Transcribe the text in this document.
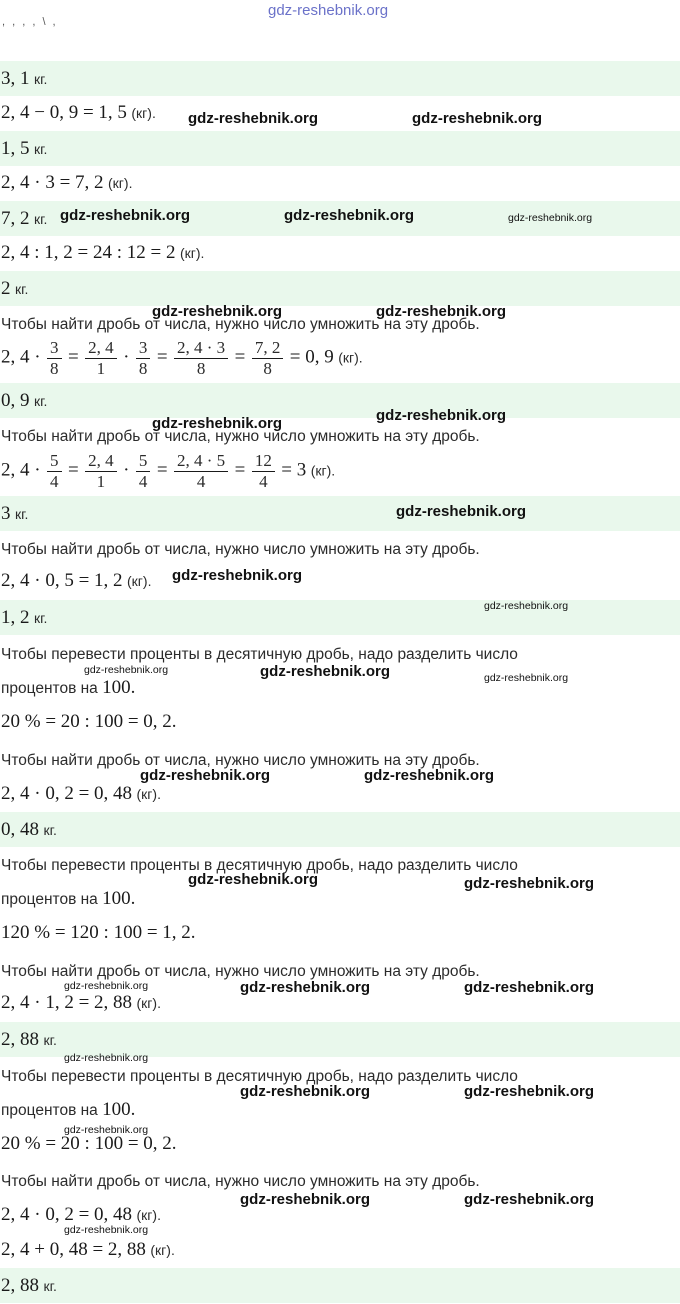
gdz-reshebnik.org
, , , , \ ,
3, 1 кг.
2, 4 − 0, 9 = 1, 5 (кг).
1, 5 кг.
2, 4 · 3 = 7, 2 (кг).
7, 2 кг.
2, 4 : 1, 2 = 24 : 12 = 2 (кг).
2 кг.
Чтобы найти дробь от числа, нужно число умножить на эту дробь.
2, $4 \cdot \frac{3}{8} = \frac{2, 4}{1} \cdot \frac{3}{8} = \frac{2, 4 \cdot 3}{8} = \frac{7, 2}{8} = 0$, 9 (кг).
0, 9 кг.
Чтобы найти дробь от числа, нужно число умножить на эту дробь.
2, $4 \cdot \frac{5}{4} = \frac{2, 4}{1} \cdot \frac{5}{4} = \frac{2, 4 \cdot 5}{4} = \frac{12}{4} = 3$ (кг).
3 кг.
Чтобы найти дробь от числа, нужно число умножить на эту дробь.
2, 4 · 0, 5 = 1, 2 (кг).
1, 2 кг.
Чтобы перевести проценты в десятичную дробь, надо разделить число
процентов на 100.
20 % = 20 : 100 = 0, 2.
Чтобы найти дробь от числа, нужно число умножить на эту дробь.
2, 4 · 0, 2 = 0, 48 (кг).
0, 48 кг.
Чтобы перевести проценты в десятичную дробь, надо разделить число
процентов на 100.
120 % = 120 : 100 = 1, 2.
Чтобы найти дробь от числа, нужно число умножить на эту дробь.
2, 4 · 1, 2 = 2, 88 (кг).
2, 88 кг.
Чтобы перевести проценты в десятичную дробь, надо разделить число
процентов на 100.
20 % = 20 : 100 = 0, 2.
Чтобы найти дробь от числа, нужно число умножить на эту дробь.
2, 4 · 0, 2 = 0, 48 (кг).
2, 4 + 0, 48 = 2, 88 (кг).
2, 88 кг.
gdz-reshebnik.org	gdz-reshebnik.org
gdz-reshebnik.org	gdz-reshebnik.org	gdz-reshebnik.org
gdz-reshebnik.org	gdz-reshebnik.org
gdz-reshebnik.org	gdz-reshebnik.org
gdz-reshebnik.org
gdz-reshebnik.org
gdz-reshebnik.org
gdz-reshebnik.org	gdz-reshebnik.org	gdz-reshebnik.org
gdz-reshebnik.org	gdz-reshebnik.org
gdz-reshebnik.org	gdz-reshebnik.org
gdz-reshebnik.org	gdz-reshebnik.org	gdz-reshebnik.org
gdz-reshebnik.org
gdz-reshebnik.org	gdz-reshebnik.org
gdz-reshebnik.org
gdz-reshebnik.org	gdz-reshebnik.org
gdz-reshebnik.org
